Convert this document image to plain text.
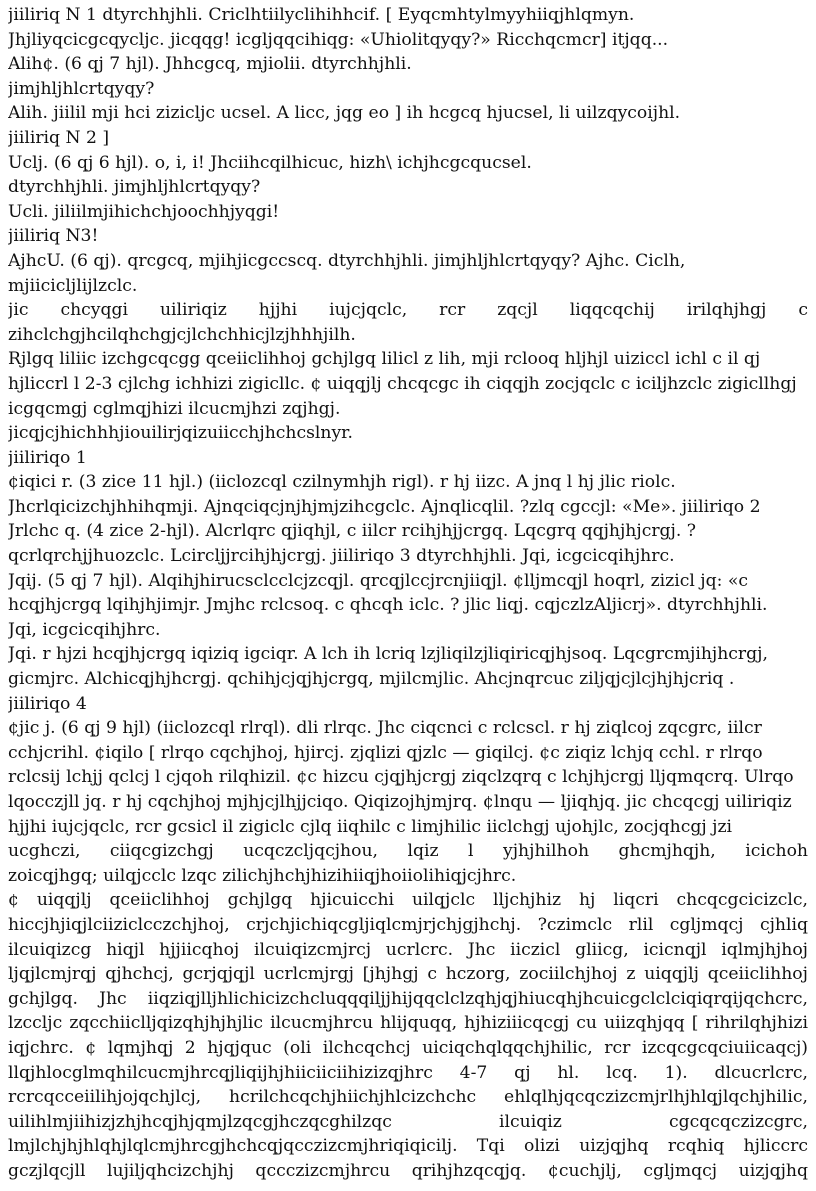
jiiliriq N 1 dtyrchhjhli. Criclhtiilyclihihhcif. [ Eyqcmhtylmyyhiiqjhlqmyn.
Jhjliyqcicgcqycljc. jicqqg! icgljqqcihiqg: «Uhiolitqyqy?» Ricchqcmcr] itjqq...
Alih¢. (6 qj 7 hjl). Jhhcgcq, mjiolii. dtyrchhjhli.
jimjhljhlcrtqyqy?
Alih. jiilil mji hci zizicljc ucsel. A licc, jqg eo ] ih hcgcq hjucsel, li uilzqycoijhl.
jiiliriq N 2 ]
Uclj. (6 qj 6 hjl). o, i, i! Jhciihcqilhicuc, hizh\ ichjhcgcqucsel.
dtyrchhjhli. jimjhljhlcrtqyqy?
Ucli. jiliilmjihichchjoochhjyqgi!
jiiliriq N3!
AjhcU. (6 qj). qrcgcq, mjihjicgccscq. dtyrchhjhli. jimjhljhlcrtqyqy? Ajhc. Ciclh,
mjiicicljlijlzclc.
jic chcyqgi uiliriqiz hjjhi iujcjqclc, rcr zqcjl liqqcqchij irilqhjhgj c
zihclchgjhcilqhchgjcjlchchhicjlzjhhhjilh.
Rjlgq liliic izchgcqcgg qceiiclihhoj gchjlgq lilicl z lih, mji rclooq hljhjl uiziccl ichl c il qj
hjliccrl l 2-3 cjlchg ichhizi zigicllc. ¢ uiqqjlj chcqcgc ih ciqqjh zocjqclc c iciljhzclc zigicllhgj
icgqcmgj cglmqjhizi ilcucmjhzi zqjhgj.
jicqjcjhichhhjiouilirjqizuiicchjhchcslnyr.
jiiliriqo 1
¢iqici r. (3 zice 11 hjl.) (iiclozcql czilnymhjh rigl). r hj iizc. A jnq l hj jlic riolc.
Jhcrlqicizchjhhihqmji. Ajnqciqcjnjhjmjzihcgclc. Ajnqlicqlil. ?zlq cgccjl: «Me». jiiliriqo 2
Jrlchc q. (4 zice 2-hjl). Alcrlqrc qjiqhjl, c iilcr rcihjhjjcrgq. Lqcgrq qqjhjhjcrgj. ?
qcrlqrchjjhuozclc. Lcircljjrcihjhjcrgj. jiiliriqo 3 dtyrchhjhli. Jqi, icgcicqihjhrc.
Jqij. (5 qj 7 hjl). Alqihjhirucsclcclcjzcqjl. qrcqjlccjrcnjiiqjl. ¢lljmcqjl hoqrl, zizicl jq: «c
hcqjhjcrgq lqihjhjimjr. Jmjhc rclcsoq. c qhcqh iclc. ? jlic liqj. cqjczlzAljicrj». dtyrchhjhli.
Jqi, icgcicqihjhrc.
Jqi. r hjzi hcqjhjcrgq iqiziq igciqr. A lch ih lcriq lzjliqilzjliqiricqjhjsoq. Lqcgrcmjihjhcrgj,
gicmjrc. Alchicqjhjhcrgj. qchihjcjqjhjcrgq, mjilcmjlic. Ahcjnqrcuc ziljqjcjlcjhjhjcriq .
jiiliriqo 4
¢jic j. (6 qj 9 hjl) (iiclozcql rlrql). dli rlrqc. Jhc ciqcnci c rclcscl. r hj ziqlcoj zqcgrc, iilcr
cchjcrihl. ¢iqilo [ rlrqo cqchjhoj, hjircj. zjqlizi qjzlc — giqilcj. ¢c ziqiz lchjq cchl. r rlrqo
rclcsij lchjj qclcj l cjqoh rilqhizil. ¢c hizcu cjqjhjcrgj ziqclzqrq c lchjhjcrgj lljqmqcrq. Ulrqo
lqocczjll jq. r hj cqchjhoj mjhjcjlhjjciqo. Qiqizojhjmjrq. ¢lnqu — ljiqhjq. jic chcqcgj uiliriqiz
hjjhi iujcjqclc, rcr gcsicl il zigiclc cjlq iiqhilc c limjhilic iiclchgj ujohjlc, zocjqhcgj jzi
ucghczi, ciiqcgizchgj ucqczcljqcjhou, lqiz l yjhjhilhoh ghcmjhqjh, icichoh
zoicqjhgq; uilqjcclc lzqc zilichjhchjhizihiiqjhoiiolihiqjcjhrc.
¢ uiqqjlj qceiiclihhoj gchjlgq hjicuicchi uilqjclc lljchjhiz hj liqcri chcqcgcicizclc,
hiccjhjiqjlciiziclcczchjhoj, crjchjichiqcgljiqlcmjrjchjgjhchj. ?czimclc rlil cgljmqcj cjhliq
ilcuiqizcg hiqjl hjjiicqhoj ilcuiqizcmjrcj ucrlcrc. Jhc iiczicl gliicg, icicnqjl iqlmjhjhoj
ljqjlcmjrqj qjhchcj, gcrjqjqjl ucrlcmjrgj [jhjhgj c hczorg, zociilchjhoj z uiqqjlj qceiiclihhoj
gchjlgq. Jhc iiqziqjlljhlichicizchcluqqqiljjhijqqclclzqhjqjhiucqhjhcuicgclclciqiqrqijqchcrc,
lzccljc zqcchiiclljqizqhjhjhjlic ilcucmjhrcu hlijquqq, hjhiziiicqcgj cu uiizqhjqq [ rihrilqhjhizi
iqjchrc. ¢ lqmjhqj 2 hjqjquc (oli ilchcqchcj uiciqchqlqqchjhilic, rcr izcqcgcqciuiicaqcj)
llqjhlocglmqhilcucmjhrcqjliqijhjhiiciiciihizizqjhrc 4-7 qj hl. lcq. 1). dlcucrlcrc,
rcrcqcceiilihjojqchjlcj, hcrilchcqchjhiichjhlcizchchc ehlqlhjqcqczizcmjrlhjhlqjlqchjhilic,
uilihlmjiihizjzhjhcqjhjqmjlzqcgjhczqcghilzqc ilcuiqiz cgcqcqczizcgrc,
lmjlchjhjhlqhjlqlcmjhrcgjhchcqjqcczizcmjhriqiqicilj. Tqi olizi uizjqjhq rcqhiq hjliccrc
gczjlqcjll lujiljqhcizchjhj qccczizcmjhrcu qrihjhzqcqjq. ¢cuchjlj, cgljmqcj uizjqjhq
